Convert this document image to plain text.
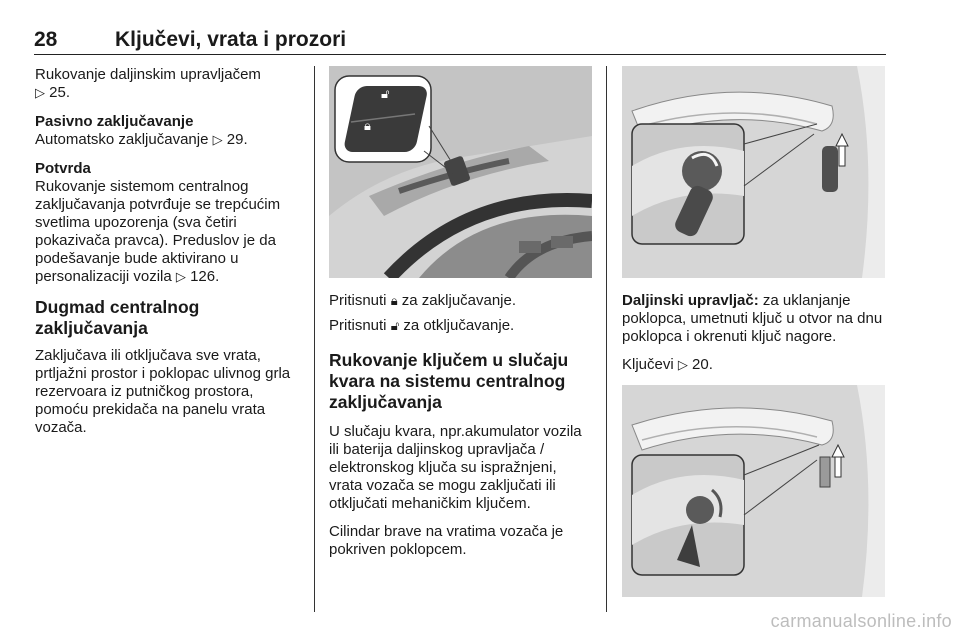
28	Ključevi, vrata i prozori

Rukovanje daljinskim upravljačem
▷ 25.

Pasivno zaključavanje
Automatsko zaključavanje ▷ 29.

Potvrda
Rukovanje sistemom centralnog zaključavanja potvrđuje se trepćućim svetlima upozorenja (sva četiri pokazivača pravca). Preduslov je da podešavanje bude aktivirano u personalizaciji vozila ▷ 126.

Dugmad centralnog zaključavanja

Zaključava ili otključava sve vrata, prtljažni prostor i poklopac ulivnog grla rezervoara iz putničkog prostora, pomoću prekidača na panelu vrata vozača.

🔓︎
🔒︎

Pritisnuti 🔒︎ za zaključavanje.

Pritisnuti 🔓︎ za otključavanje.

Rukovanje ključem u slučaju kvara na sistemu centralnog zaključavanja

U slučaju kvara, npr.akumulator vozila ili baterija daljinskog upravljača / elektronskog ključa su ispražnjeni, vrata vozača se mogu zaključati ili otključati mehaničkim ključem.

Cilindar brave na vratima vozača je pokriven poklopcem.

Daljinski upravljač: za uklanjanje poklopca, umetnuti ključ u otvor na dnu poklopca i okrenuti ključ nagore.

Ključevi ▷ 20.

carmanualsonline.info
